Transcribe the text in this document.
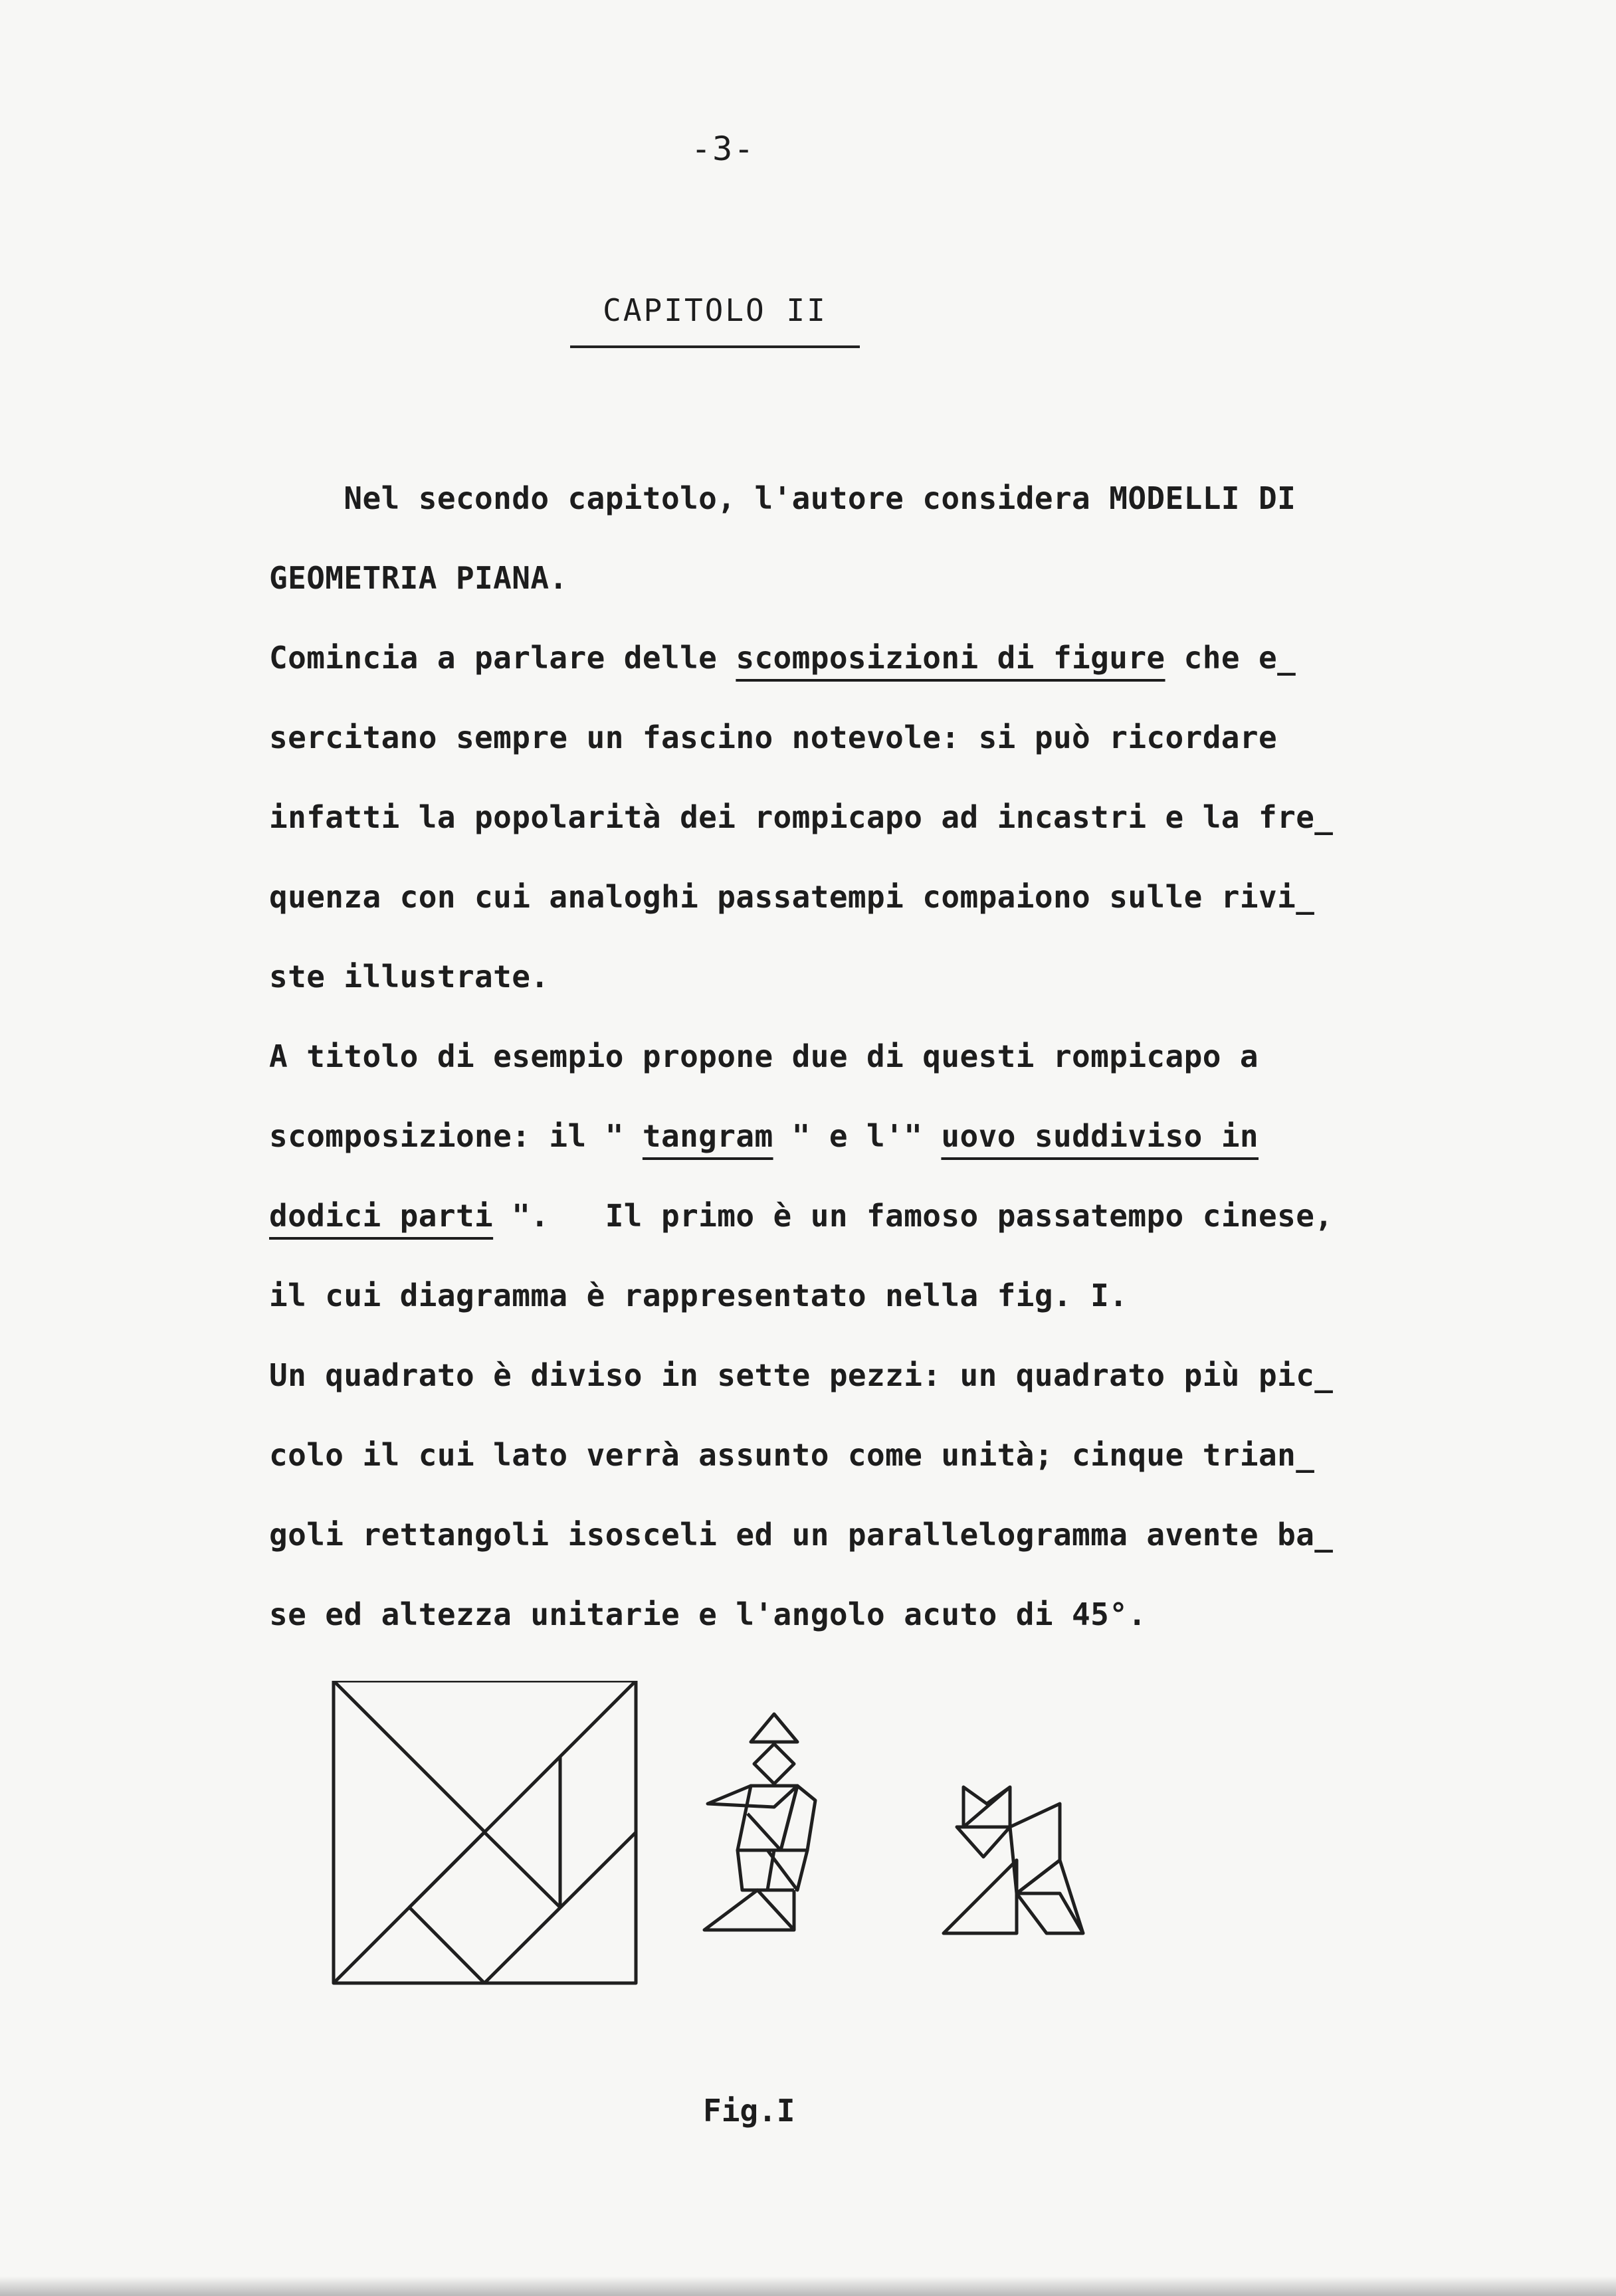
-3-
CAPITOLO II
Nel secondo capitolo, l'autore considera MODELLI DI
GEOMETRIA PIANA.
Comincia a parlare delle scomposizioni di figure che e_
sercitano sempre un fascino notevole: si può ricordare
infatti la popolarità dei rompicapo ad incastri e la fre_
quenza con cui analoghi passatempi compaiono sulle rivi_
ste illustrate.
A titolo di esempio propone due di questi rompicapo a
scomposizione: il " tangram " e l'" uovo suddiviso in
dodici parti ".   Il primo è un famoso passatempo cinese,
il cui diagramma è rappresentato nella fig. I.
Un quadrato è diviso in sette pezzi: un quadrato più pic_
colo il cui lato verrà assunto come unità; cinque trian_
goli rettangoli isosceli ed un parallelogramma avente ba_
se ed altezza unitarie e l'angolo acuto di 45°.
Fig.I
